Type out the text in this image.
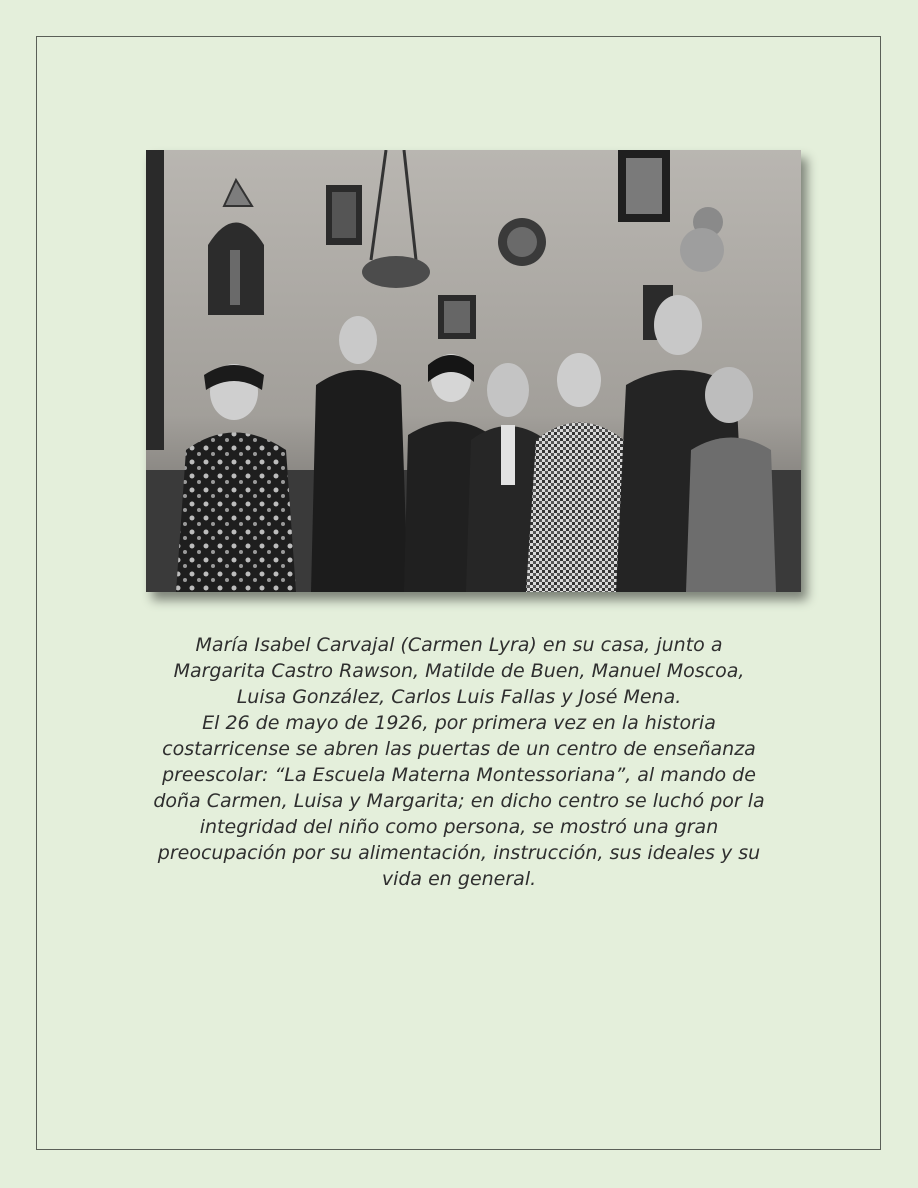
María Isabel Carvajal (Carmen Lyra) en su casa, junto a

Margarita Castro Rawson, Matilde de Buen, Manuel Moscoa,

Luisa González, Carlos Luis Fallas y José Mena.

El 26 de mayo de 1926, por primera vez en la historia

costarricense se abren las puertas de un centro de enseñanza

preescolar: “La Escuela Materna Montessoriana”, al mando de

doña Carmen, Luisa y Margarita; en dicho centro se luchó por la

integridad del niño como persona, se mostró una gran

preocupación por su alimentación, instrucción, sus ideales y su

vida en general.
